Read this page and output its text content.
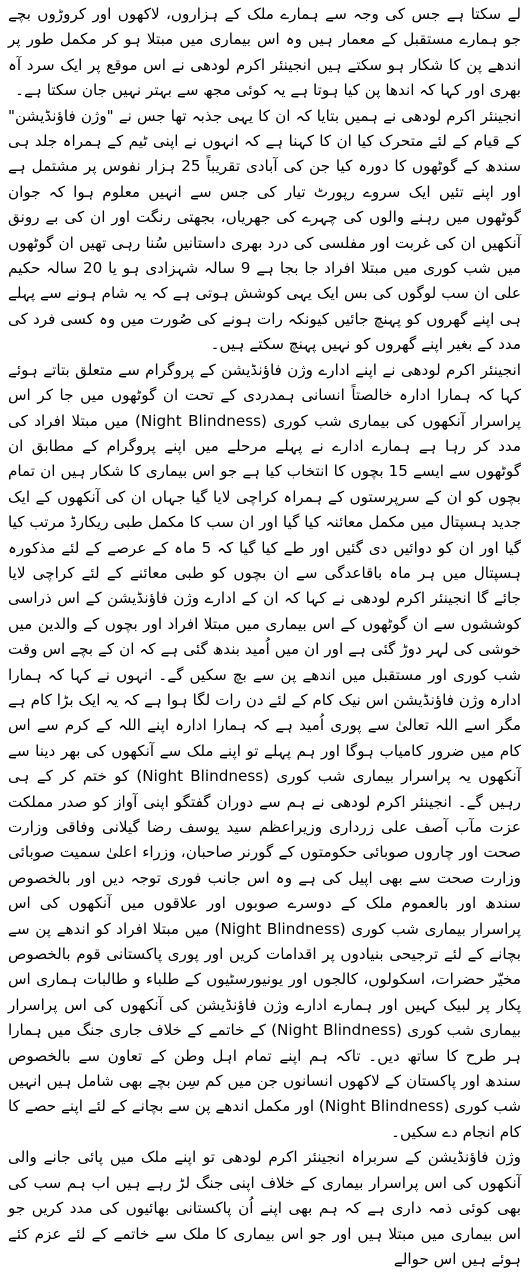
لے سکتا ہے جس کی وجہ سے ہمارے ملک کے ہزاروں، لاکھوں اور کروڑوں بچے جو ہمارے مستقبل کے معمار ہیں وہ اس بیماری میں مبتلا ہو کر مکمل طور پر اندھے پن کا شکار ہو سکتے ہیں انجینئر اکرم لودھی نے اس موقع پر ایک سرد آہ بھری اور کہا کہ اندھا پن کیا ہوتا ہے یہ کوئی مجھ سے بہتر نہیں جان سکتا ہے۔

انجینئر اکرم لودھی نے ہمیں بتایا کہ ان کا یہی جذبہ تھا جس نے "وژن فاؤنڈیشن" کے قیام کے لئے متحرک کیا ان کا کہنا ہے کہ انہوں نے اپنی ٹیم کے ہمراہ جلد ہی سندھ کے گوٹھوں کا دورہ کیا جن کی آبادی تقریباً 25 ہزار نفوس پر مشتمل ہے اور اپنے تئیں ایک سروے رپورٹ تیار کی جس سے انہیں معلوم ہوا کہ جوان گوٹھوں میں رہنے والوں کی چہرے کی جھریاں، بجھتی رنگت اور ان کی بے رونق آنکھیں ان کی غربت اور مفلسی کی درد بھری داستانیں سُنا رہی تھیں ان گوٹھوں میں شب کوری میں مبتلا افراد جا بجا ہے 9 سالہ شہزادی ہو یا 20 سالہ حکیم علی ان سب لوگوں کی بس ایک یہی کوشش ہوتی ہے کہ یہ شام ہونے سے پہلے ہی اپنے گھروں کو پہنچ جائیں کیونکہ رات ہونے کی صُورت میں وہ کسی فرد کی مدد کے بغیر اپنے گھروں کو نہیں پہنچ سکتے ہیں۔

انجینئر اکرم لودھی نے اپنے ادارے وژن فاؤنڈیشن کے پروگرام سے متعلق بتاتے ہوئے کہا کہ ہمارا ادارہ خالصتاً انسانی ہمدردی کے تحت ان گوٹھوں میں جا کر اس پراسرار آنکھوں کی بیماری شب کوری (Night Blindness) میں مبتلا افراد کی مدد کر رہا ہے ہمارے ادارے نے پہلے مرحلے میں اپنے پروگرام کے مطابق ان گوٹھوں سے ایسے 15 بچوں کا انتخاب کیا ہے جو اس بیماری کا شکار ہیں ان تمام بچوں کو ان کے سرپرستوں کے ہمراہ کراچی لایا گیا جہاں ان کی آنکھوں کے ایک جدید ہسپتال میں مکمل معائنہ کیا گیا اور ان سب کا مکمل طبی ریکارڈ مرتب کیا گیا اور ان کو دوائیں دی گئیں اور طے کیا گیا کہ 5 ماہ کے عرصے کے لئے مذکورہ ہسپتال میں ہر ماہ باقاعدگی سے ان بچوں کو طبی معائنے کے لئے کراچی لایا جائے گا انجینئر اکرم لودھی نے کہا کہ ان کے ادارے وژن فاؤنڈیشن کے اس ذراسی کوششوں سے ان گوٹھوں کے اس بیماری میں مبتلا افراد اور بچوں کے والدین میں خوشی کی لہر دوڑ گئی ہے اور ان میں اُمید بندھ گئی ہے کہ ان کے بچے اس وقت شب کوری اور مستقبل میں اندھے پن سے بچ سکیں گے۔ انہوں نے کہا کہ ہمارا ادارہ وژن فاؤنڈیشن اس نیک کام کے لئے دن رات لگا ہوا ہے کہ یہ ایک بڑا کام ہے مگر اسے اللہ تعالیٰ سے پوری اُمید ہے کہ ہمارا ادارہ اپنے اللہ کے کرم سے اس کام میں ضرور کامیاب ہوگا اور ہم پہلے تو اپنے ملک سے آنکھوں کی بھر دینا سے آنکھوں یہ پراسرار بیماری شب کوری (Night Blindness) کو ختم کر کے ہی رہیں گے۔ انجینئر اکرم لودھی نے ہم سے دوران گفتگو اپنی آواز کو صدر مملکت عزت مآب آصف علی زرداری وزیراعظم سید یوسف رضا گیلانی وفاقی وزارت صحت اور چاروں صوبائی حکومتوں کے گورنر صاحبان، وزراء اعلیٰ سمیت صوبائی وزارت صحت سے بھی اپیل کی ہے وہ اس جانب فوری توجہ دیں اور بالخصوص سندھ اور بالعموم ملک کے دوسرے صوبوں اور علاقوں میں آنکھوں کی اس پراسرار بیماری شب کوری (Night Blindness) میں مبتلا افراد کو اندھے پن سے بچانے کے لئے ترجیحی بنیادوں پر اقدامات کریں اور پوری پاکستانی قوم بالخصوص مخیّر حضرات، اسکولوں، کالجوں اور یونیورسٹیوں کے طلباء و طالبات ہماری اس پکار پر لبیک کہیں اور ہمارے ادارے وژن فاؤنڈیشن کی آنکھوں کی اس پراسرار بیماری شب کوری (Night Blindness) کے خاتمے کے خلاف جاری جنگ میں ہمارا ہر طرح کا ساتھ دیں۔ تاکہ ہم اپنے تمام اہل وطن کے تعاون سے بالخصوص سندھ اور پاکستان کے لاکھوں انسانوں جن میں کم سِن بچے بھی شامل ہیں انہیں شب کوری (Night Blindness) اور مکمل اندھے پن سے بچانے کے لئے اپنے حصے کا کام انجام دے سکیں۔

وژن فاؤنڈیشن کے سربراہ انجینئر اکرم لودھی تو اپنے ملک میں پائی جانے والی آنکھوں کی اس پراسرار بیماری کے خلاف اپنی جنگ لڑ رہے ہیں اب ہم سب کی بھی کوئی ذمہ داری ہے کہ ہم بھی اپنے اُن پاکستانی بھائیوں کی مدد کریں جو اس بیماری میں مبتلا ہیں اور جو اس بیماری کا ملک سے خاتمے کے لئے عزم کئے ہوئے ہیں اس حوالے
